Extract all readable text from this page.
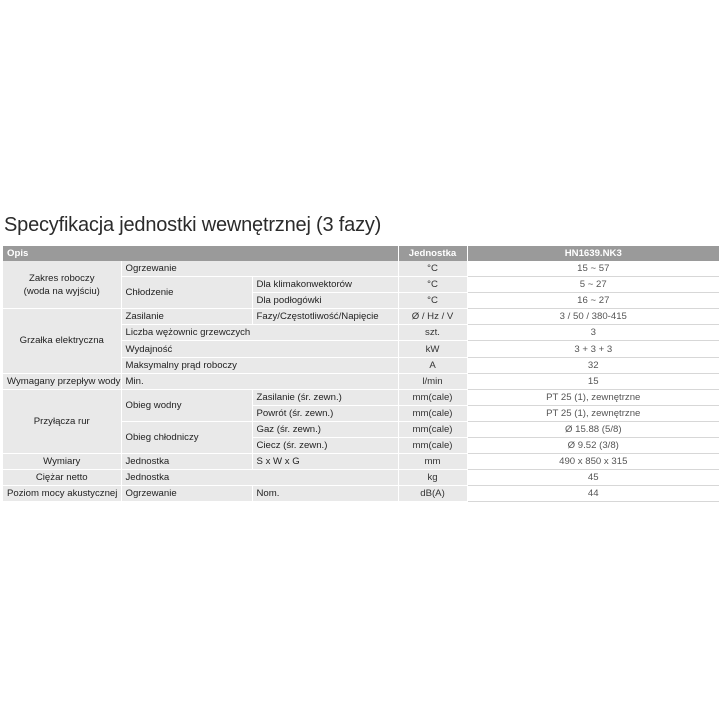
Specyfikacja jednostki wewnętrznej (3 fazy)
Opis			Jednostka	HN1639.NK3
Zakres roboczy
(woda na wyjściu)	Ogrzewanie		°C	15 ~ 57
	Chłodzenie	Dla klimakonwektorów	°C	5 ~ 27
		Dla podłogówki	°C	16 ~ 27
Grzałka elektryczna	Zasilanie	Fazy/Częstotliwość/Napięcie	Ø / Hz / V	3 / 50 / 380-415
	Liczba wężownic grzewczych		szt.	3
	Wydajność		kW	3 + 3 + 3
	Maksymalny prąd roboczy		A	32
Wymagany przepływ wody	Min.		l/min	15
Przyłącza rur	Obieg wodny	Zasilanie (śr. zewn.)	mm(cale)	PT 25 (1), zewnętrzne
		Powrót (śr. zewn.)	mm(cale)	PT 25 (1), zewnętrzne
	Obieg chłodniczy	Gaz (śr. zewn.)	mm(cale)	Ø 15.88 (5/8)
		Ciecz (śr. zewn.)	mm(cale)	Ø 9.52 (3/8)
Wymiary	Jednostka	S x W x G	mm	490 x 850 x 315
Ciężar netto	Jednostka		kg	45
Poziom mocy akustycznej	Ogrzewanie	Nom.	dB(A)	44
